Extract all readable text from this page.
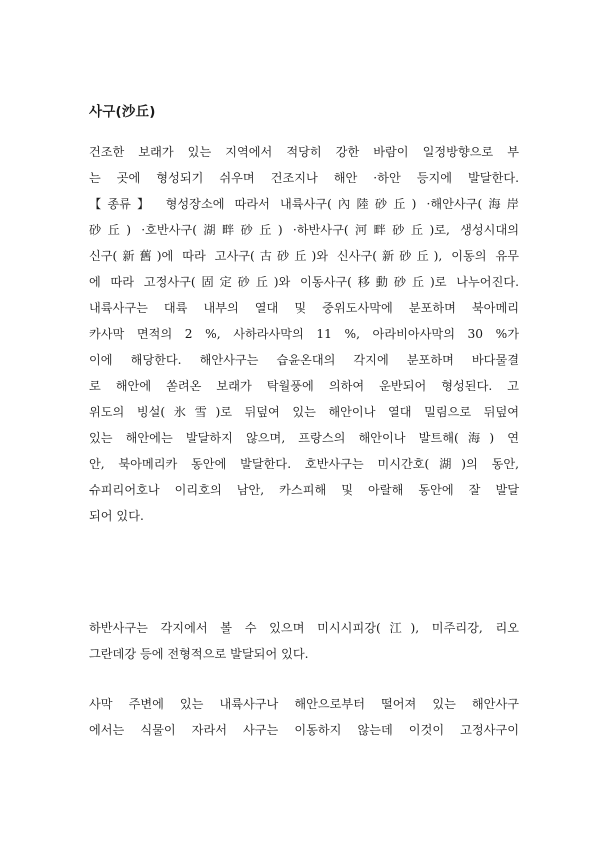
사구(沙丘)
건조한 보래가 있는 지역에서 적당히 강한 바람이 일정방향으로 부
는 곳에 형성되기 쉬우며 건조지나 해안 ·하안 등지에 발달한다.
【종류】 형성장소에 따라서 내륙사구(內陸砂丘) ·해안사구(海岸
砂丘) ·호반사구(湖畔砂丘) ·하반사구(河畔砂丘)로, 생성시대의
신구(新舊)에 따라 고사구(古砂丘)와 신사구(新砂丘), 이동의 유무
에 따라 고정사구(固定砂丘)와 이동사구(移動砂丘)로 나누어진다.
내륙사구는 대륙 내부의 열대 및 중위도사막에 분포하며 북아메리
카사막 면적의 2 %, 사하라사막의 11 %, 아라비아사막의 30 %가
이에 해당한다. 해안사구는 습윤온대의 각지에 분포하며 바다물결
로 해안에 쏟려온 보래가 탁월풍에 의하여 운반되어 형성된다. 고
위도의 빙설(氷雪)로 뒤덮여 있는 해안이나 열대 밀림으로 뒤덮여
있는 해안에는 발달하지 않으며, 프랑스의 해안이나 발트해(海) 연
안, 북아메리카 동안에 발달한다. 호반사구는 미시간호(湖)의 동안,
슈피리어호나 이리호의 남안, 카스피해 및 아랄해 동안에 잘 발달
되어 있다.
하반사구는 각지에서 볼 수 있으며 미시시피강(江), 미주리강, 리오
그란데강 등에 전형적으로 발달되어 있다.
사막 주변에 있는 내륙사구나 해안으로부터 떨어져 있는 해안사구
에서는 식물이 자라서 사구는 이동하지 않는데 이것이 고정사구이
